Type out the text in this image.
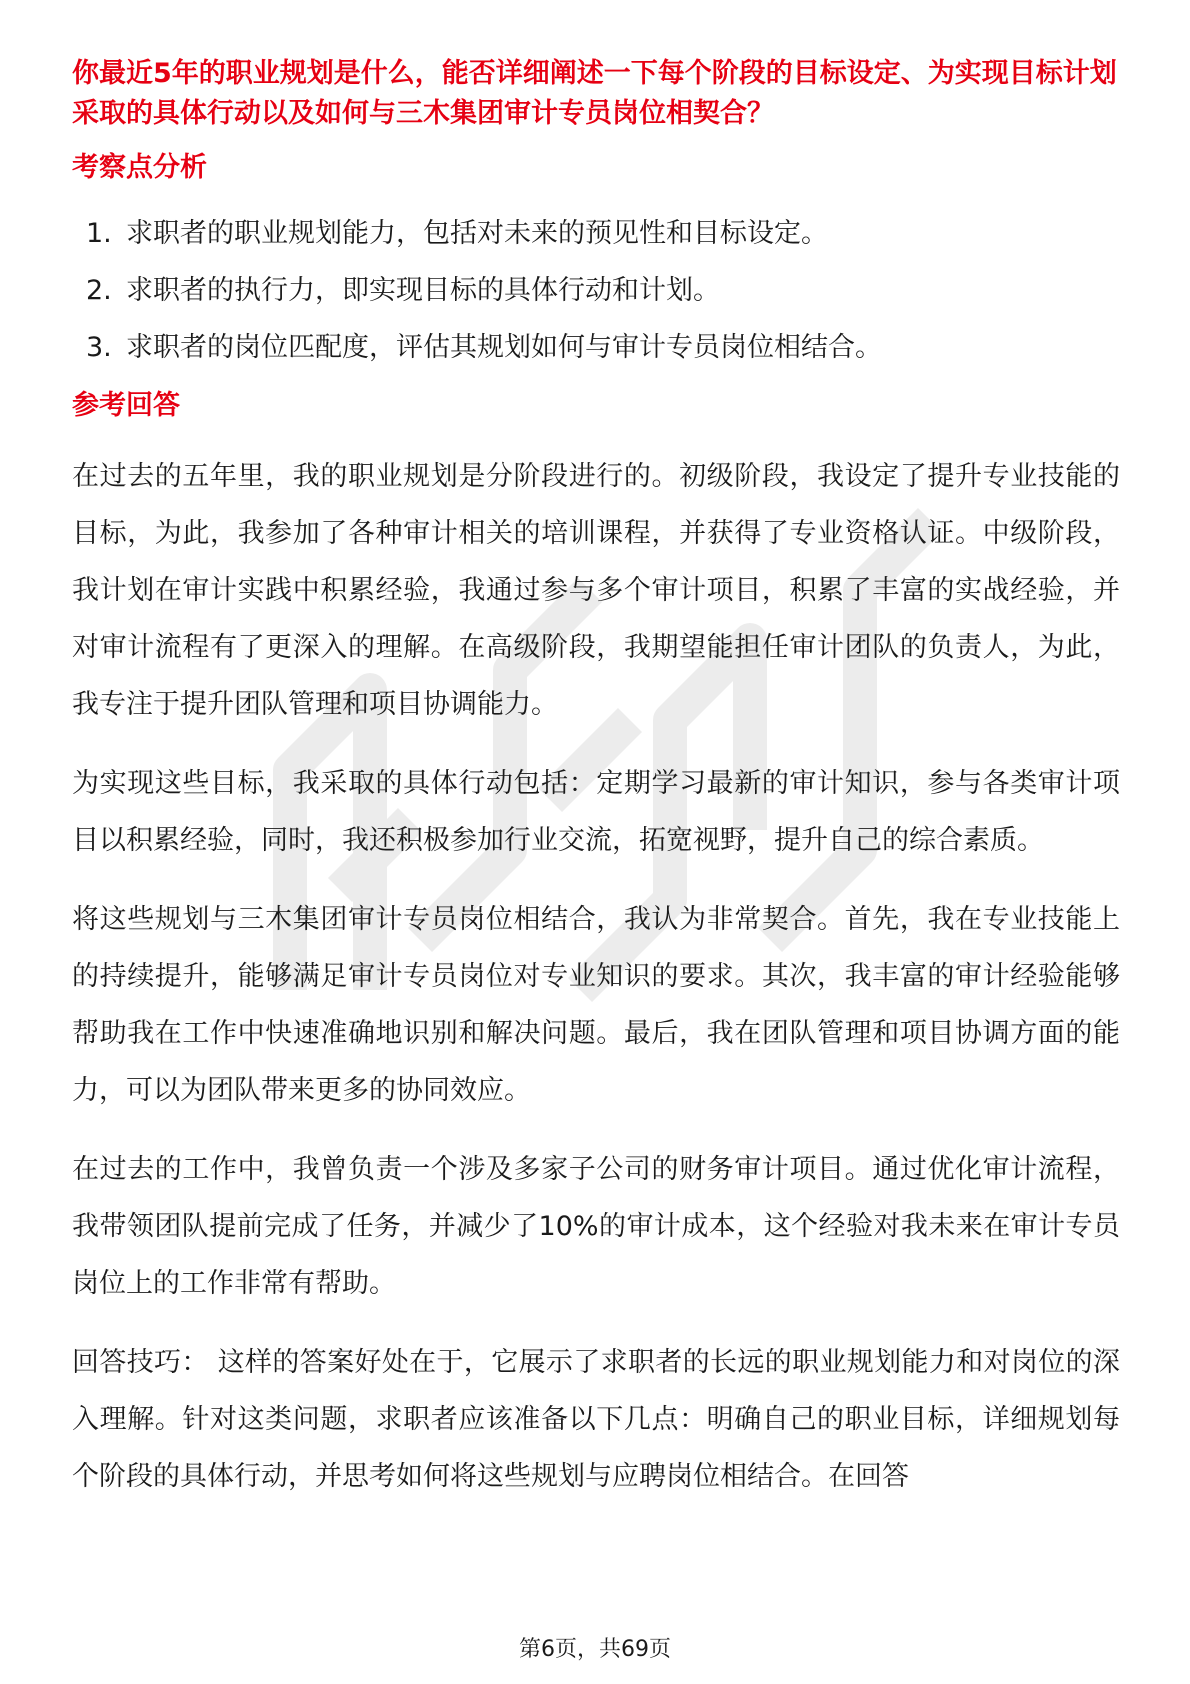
你最近5年的职业规划是什么，能否详细阐述一下每个阶段的目标设定、为实现目标计划采取的具体行动以及如何与三木集团审计专员岗位相契合？

考察点分析
1. 求职者的职业规划能力，包括对未来的预见性和目标设定。
2. 求职者的执行力，即实现目标的具体行动和计划。
3. 求职者的岗位匹配度，评估其规划如何与审计专员岗位相结合。
参考回答

在过去的五年里，我的职业规划是分阶段进行的。初级阶段，我设定了提升专业技能的目标，为此，我参加了各种审计相关的培训课程，并获得了专业资格认证。中级阶段，我计划在审计实践中积累经验，我通过参与多个审计项目，积累了丰富的实战经验，并对审计流程有了更深入的理解。在高级阶段，我期望能担任审计团队的负责人，为此，我专注于提升团队管理和项目协调能力。

为实现这些目标，我采取的具体行动包括：定期学习最新的审计知识，参与各类审计项目以积累经验，同时，我还积极参加行业交流，拓宽视野，提升自己的综合素质。

将这些规划与三木集团审计专员岗位相结合，我认为非常契合。首先，我在专业技能上的持续提升，能够满足审计专员岗位对专业知识的要求。其次，我丰富的审计经验能够帮助我在工作中快速准确地识别和解决问题。最后，我在团队管理和项目协调方面的能力，可以为团队带来更多的协同效应。

在过去的工作中，我曾负责一个涉及多家子公司的财务审计项目。通过优化审计流程，我带领团队提前完成了任务，并减少了10%的审计成本，这个经验对我未来在审计专员岗位上的工作非常有帮助。

回答技巧： 这样的答案好处在于，它展示了求职者的长远的职业规划能力和对岗位的深入理解。针对这类问题，求职者应该准备以下几点：明确自己的职业目标，详细规划每个阶段的具体行动，并思考如何将这些规划与应聘岗位相结合。在回答

第6页，共69页
